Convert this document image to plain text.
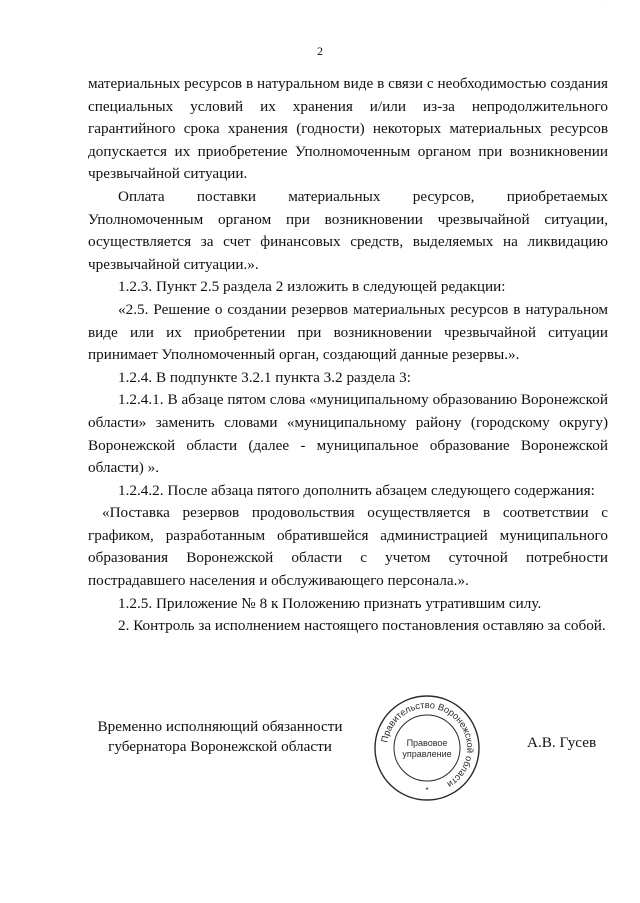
·
2

материальных ресурсов в натуральном виде в связи с необходимостью создания специальных условий их хранения и/или из-за непродолжительного гарантийного срока хранения (годности) некоторых материальных ресурсов допускается их приобретение Уполномоченным органом при возникновении чрезвычайной ситуации.

Оплата поставки материальных ресурсов, приобретаемых Уполномоченным органом при возникновении чрезвычайной ситуации, осуществляется за счет финансовых средств, выделяемых на ликвидацию чрезвычайной ситуации.».

1.2.3. Пункт 2.5 раздела 2 изложить в следующей редакции:

«2.5. Решение о создании резервов материальных ресурсов в натуральном виде или их приобретении при возникновении чрезвычайной ситуации принимает Уполномоченный орган, создающий данные резервы.».

1.2.4. В подпункте 3.2.1 пункта 3.2 раздела 3:

1.2.4.1. В абзаце пятом слова «муниципальному образованию Воронежской области» заменить словами «муниципальному району (городскому округу) Воронежской области (далее - муниципальное образование Воронежской области) ».

1.2.4.2. После абзаца пятого дополнить абзацем следующего содержания:

«Поставка резервов продовольствия осуществляется в соответствии с графиком, разработанным обратившейся администрацией муниципального образования Воронежской области с учетом суточной потребности пострадавшего населения и обслуживающего персонала.».

1.2.5. Приложение № 8 к Положению признать утратившим силу.

2. Контроль за исполнением настоящего постановления оставляю за собой.

Временно исполняющий обязанности
губернатора Воронежской области	Правительство Воронежской области
Правовое
управление
*
А.В. Гусев
